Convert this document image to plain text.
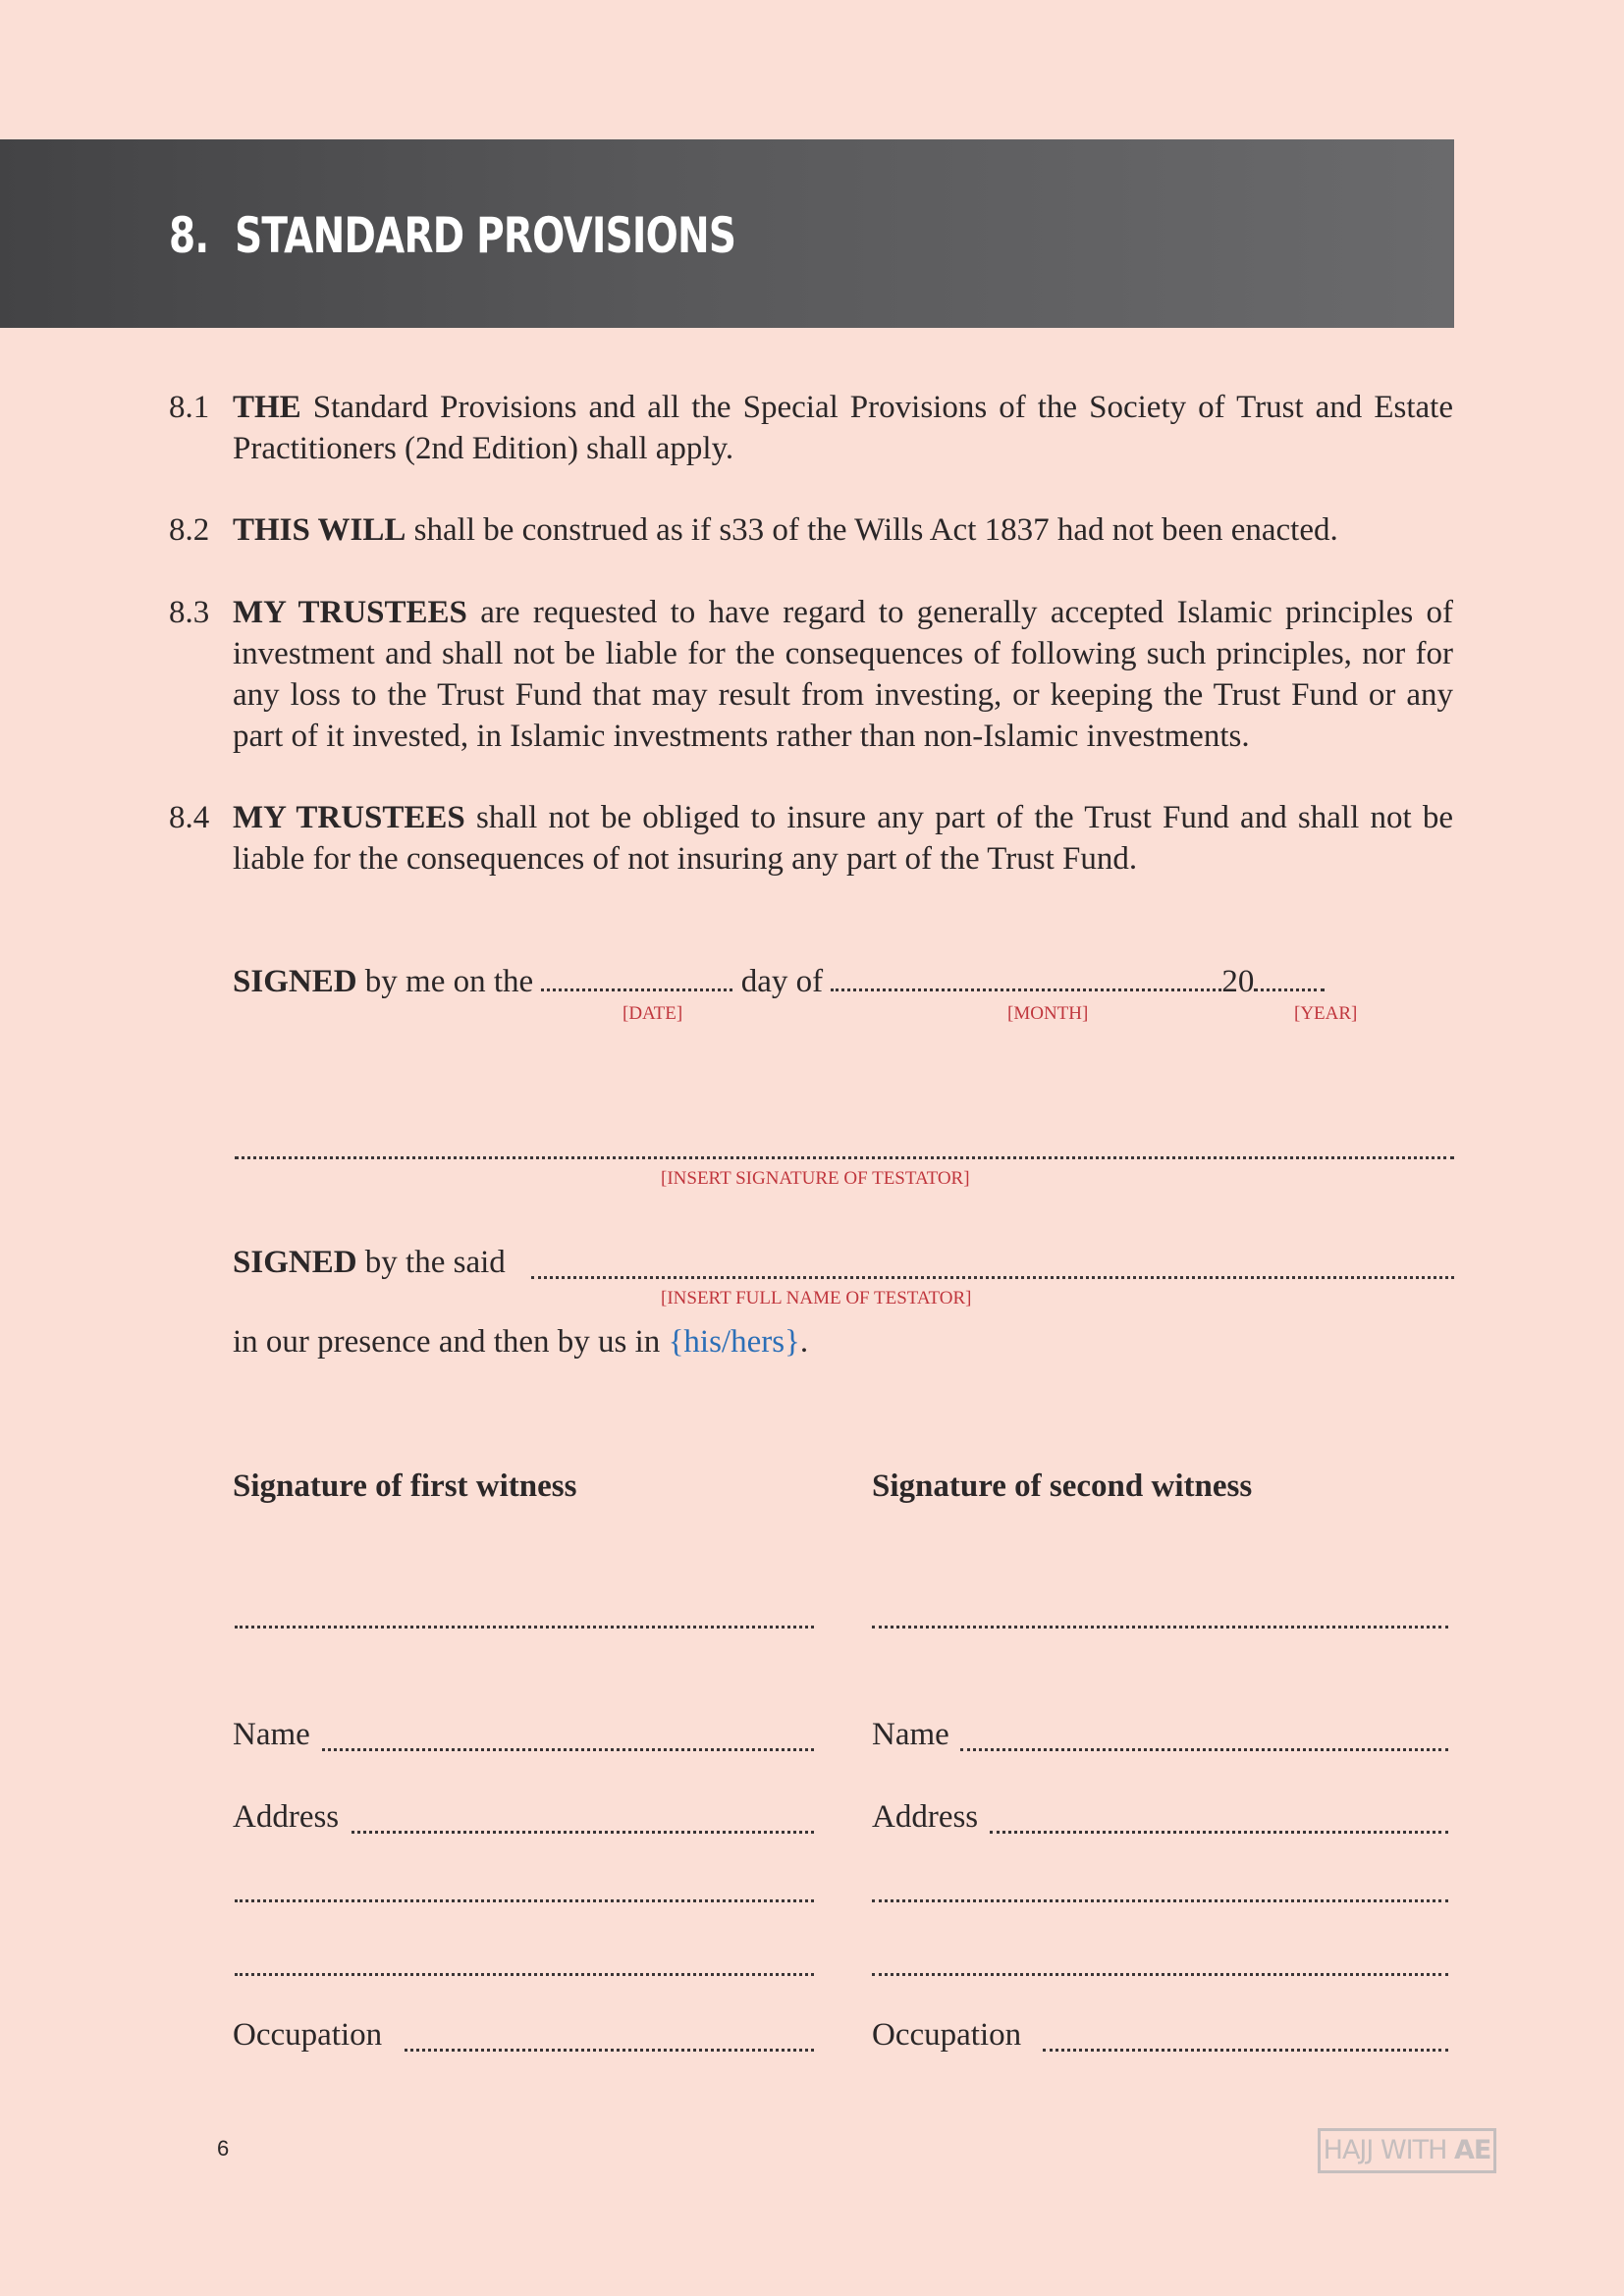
8. STANDARD PROVISIONS
8.1 THE Standard Provisions and all the Special Provisions of the Society of Trust and Estate Practitioners (2nd Edition) shall apply.
8.2 THIS WILL shall be construed as if s33 of the Wills Act 1837 had not been enacted.
8.3 MY TRUSTEES are requested to have regard to generally accepted Islamic principles of investment and shall not be liable for the consequences of following such principles, nor for any loss to the Trust Fund that may result from investing, or keeping the Trust Fund or any part of it invested, in Islamic investments rather than non-Islamic investments.
8.4 MY TRUSTEES shall not be obliged to insure any part of the Trust Fund and shall not be liable for the consequences of not insuring any part of the Trust Fund.
SIGNED by me on the	day of	20
[DATE]	[MONTH]	[YEAR]
[INSERT SIGNATURE OF TESTATOR]
SIGNED by the said
[INSERT FULL NAME OF TESTATOR]
in our presence and then by us in {his/hers}.
Signature of first witness	Signature of second witness
Name	Name
Address	Address
Occupation	Occupation
6	HAJJ WITH AE
